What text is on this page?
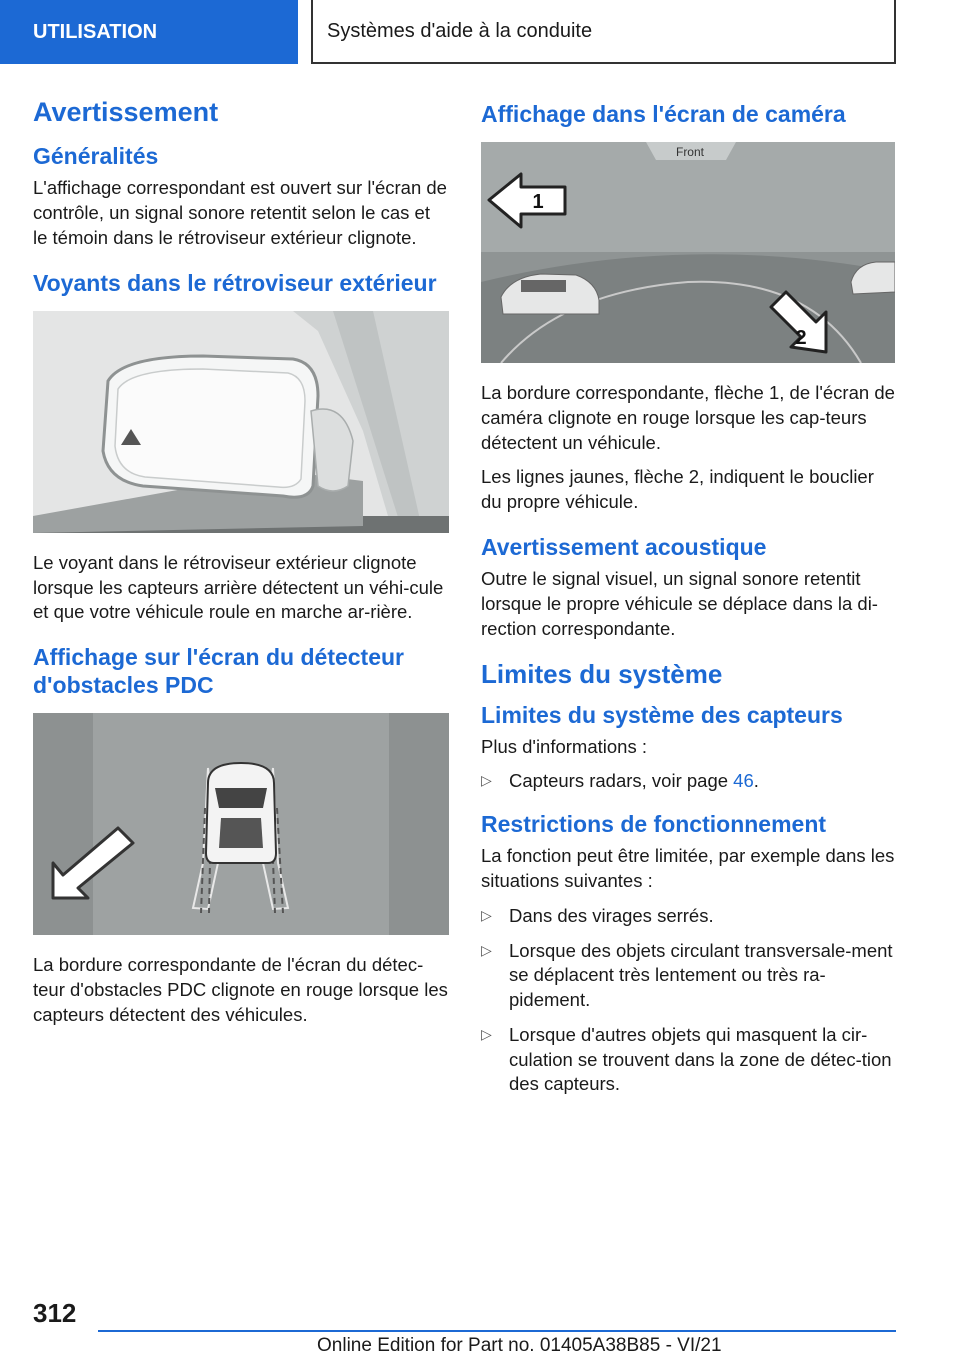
UTILISATION	Systèmes d'aide à la conduite
Avertissement
Généralités

L'affichage correspondant est ouvert sur l'écran de contrôle, un signal sonore retentit selon le cas et le témoin dans le rétroviseur extérieur clignote.

Voyants dans le rétroviseur extérieur

Le voyant dans le rétroviseur extérieur clignote lorsque les capteurs arrière détectent un véhi-cule et que votre véhicule roule en marche ar-rière.

Affichage sur l'écran du détecteur d'obstacles PDC

La bordure correspondante de l'écran du détec-teur d'obstacles PDC clignote en rouge lorsque les capteurs détectent des véhicules.

Affichage dans l'écran de caméra
Front
1
2

La bordure correspondante, flèche 1, de l'écran de caméra clignote en rouge lorsque les cap-teurs détectent un véhicule.

Les lignes jaunes, flèche 2, indiquent le bouclier du propre véhicule.

Avertissement acoustique

Outre le signal visuel, un signal sonore retentit lorsque le propre véhicule se déplace dans la di-rection correspondante.

Limites du système
Limites du système des capteurs

Plus d'informations :

▷ Capteurs radars, voir page 46.
Restrictions de fonctionnement

La fonction peut être limitée, par exemple dans les situations suivantes :

▷ Dans des virages serrés.
▷ Lorsque des objets circulant transversale-ment se déplacent très lentement ou très ra-pidement.
▷ Lorsque d'autres objets qui masquent la cir-culation se trouvent dans la zone de détec-tion des capteurs.
312
Online Edition for Part no. 01405A38B85 - VI/21
